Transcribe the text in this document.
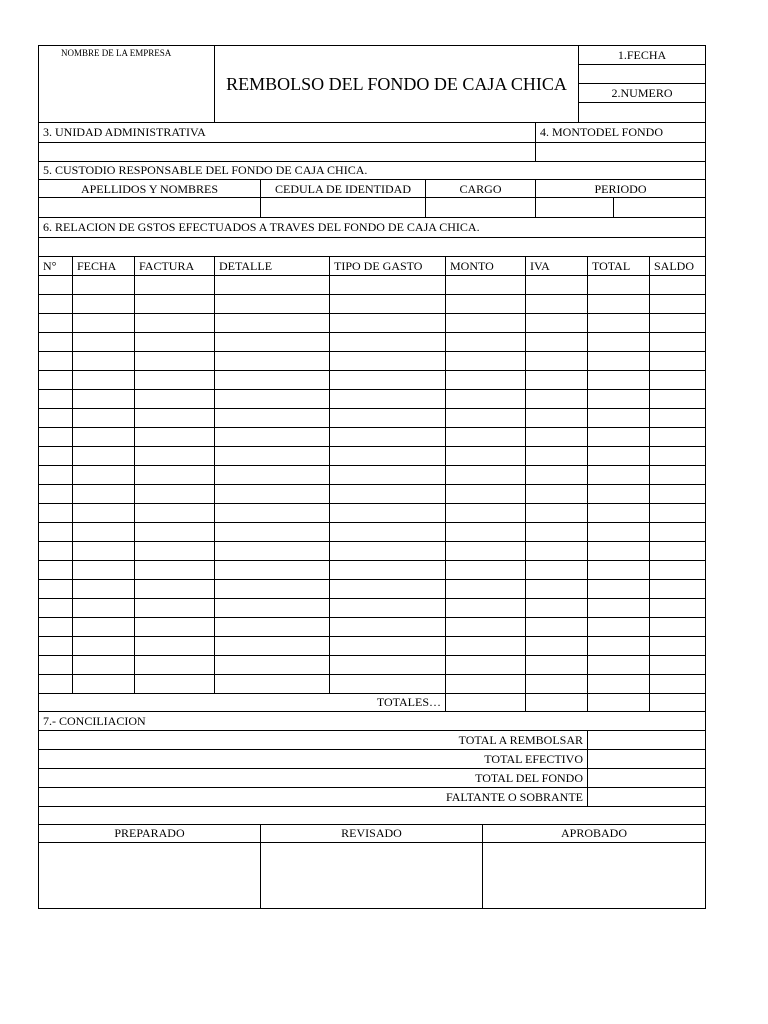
NOMBRE DE LA EMPRESA	REMBOLSO DEL FONDO DE CAJA CHICA	1.FECHA

2.NUMERO

3. UNIDAD ADMINISTRATIVA	4. MONTODEL FONDO

5. CUSTODIO RESPONSABLE DEL FONDO DE CAJA CHICA.				
APELLIDOS Y NOMBRES	CEDULA DE IDENTIDAD	CARGO	PERIODO	

6. RELACION DE GSTOS EFECTUADOS A TRAVES DEL FONDO DE CAJA CHICA.								

N°	FECHA	FACTURA	DETALLE	TIPO DE GASTO	MONTO	IVA	TOTAL	SALDO

TOTALES…								
7.- CONCILIACION	
TOTAL A REMBOLSAR	
TOTAL EFECTIVO	
TOTAL DEL FONDO	
FALTANTE O SOBRANTE	

PREPARADO	REVISADO	APROBADO
